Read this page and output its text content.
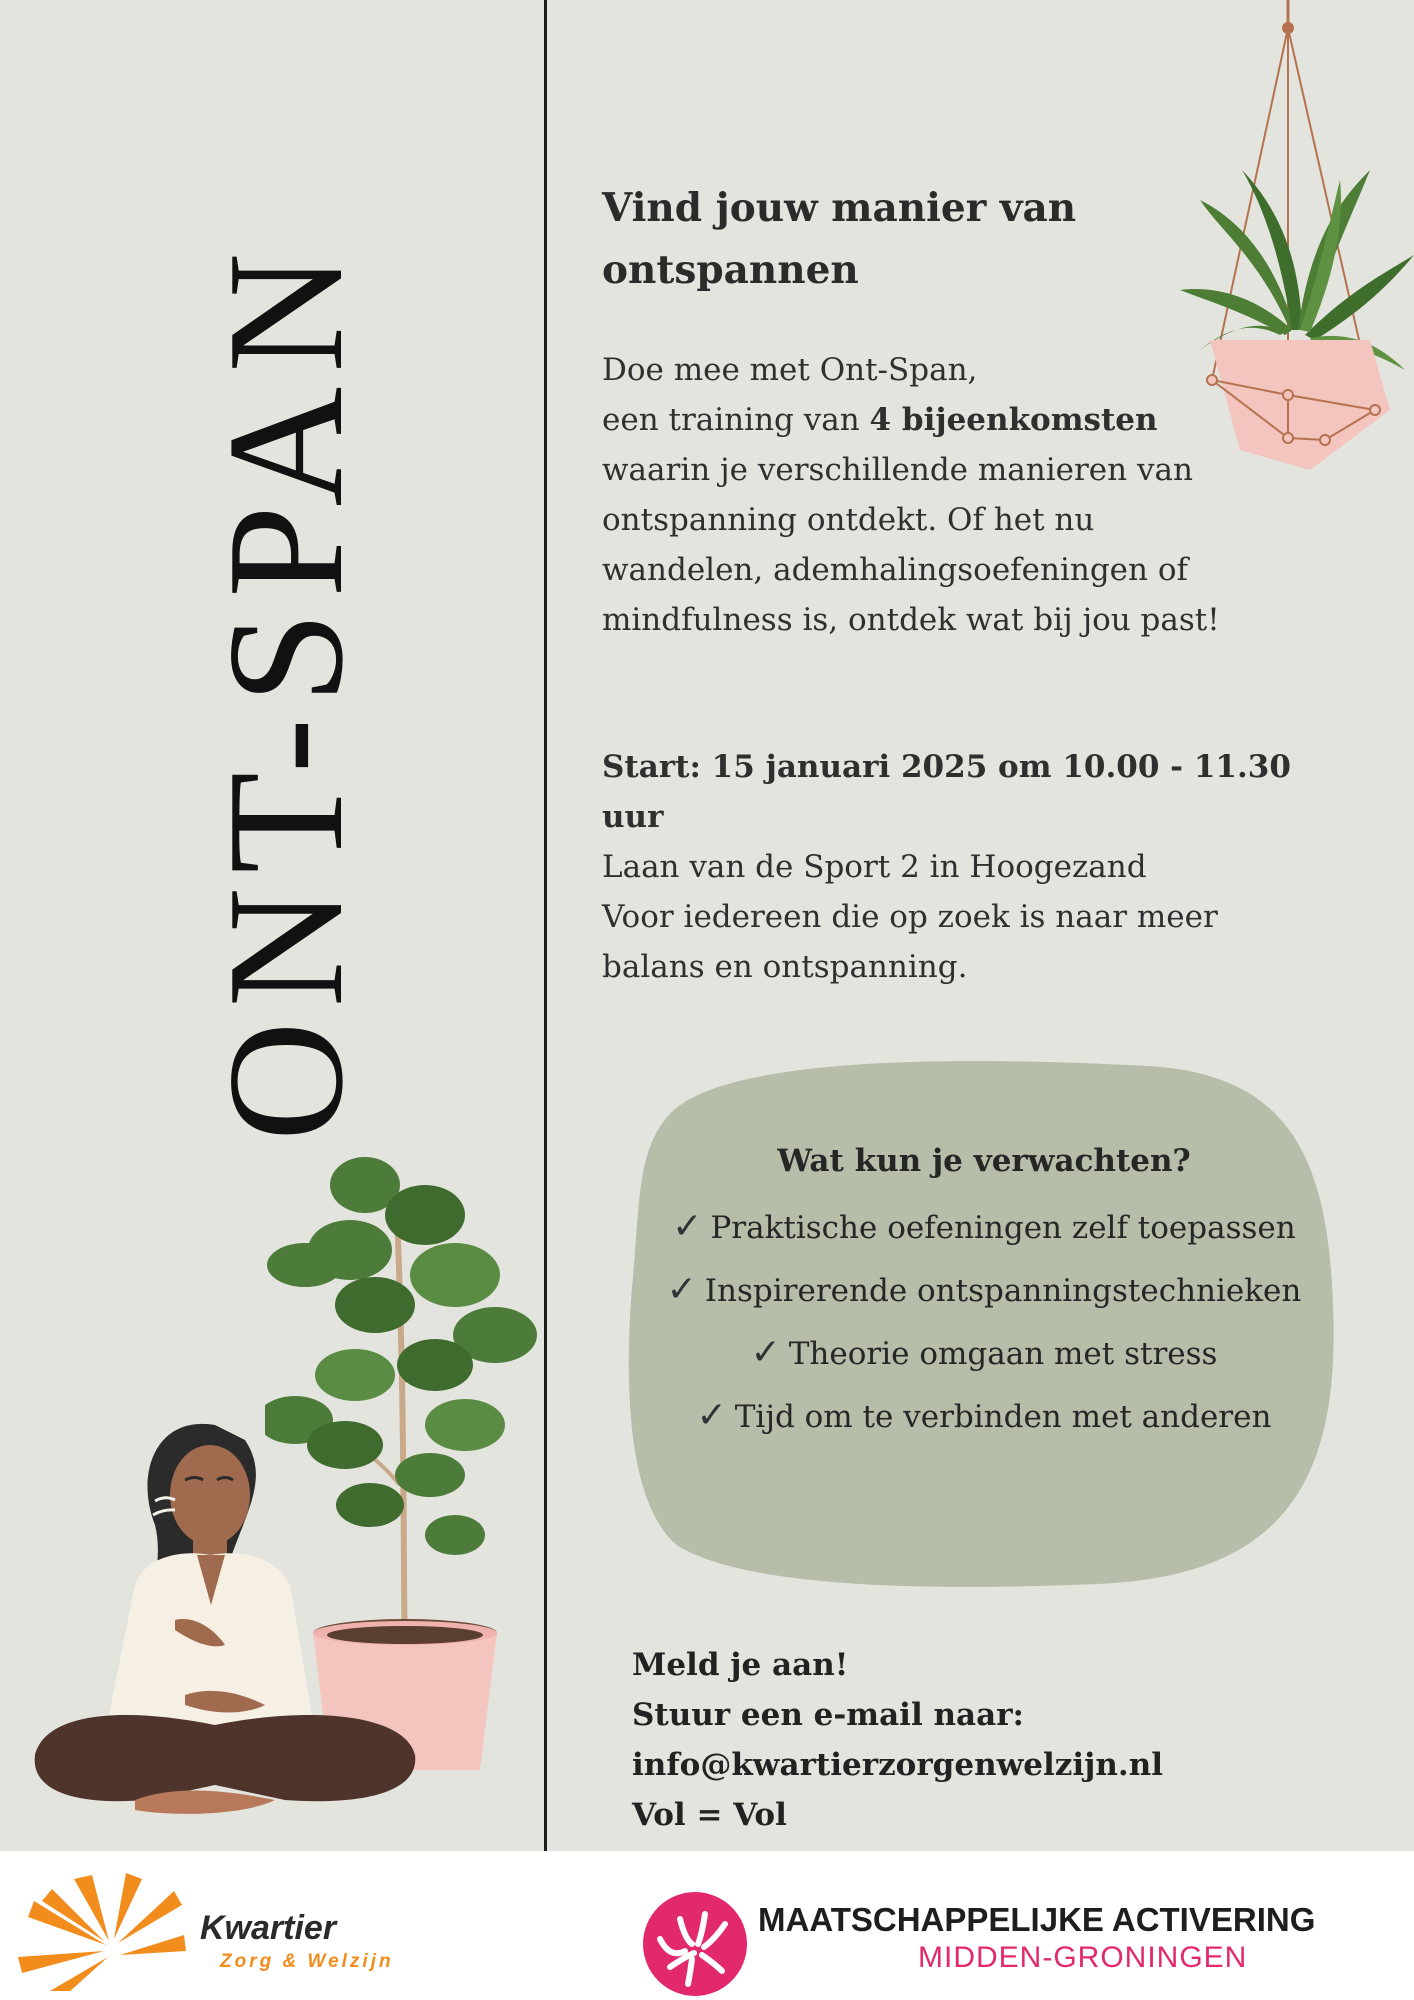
ONT-SPAN
Vind jouw manier van ontspannen

Doe mee met Ont-Span,
een training van 4 bijeenkomsten
waarin je verschillende manieren van
ontspanning ontdekt. Of het nu
wandelen, ademhalingsoefeningen of
mindfulness is, ontdek wat bij jou past!

Start: 15 januari 2025 om 10.00 - 11.30 uur
Laan van de Sport 2 in Hoogezand
Voor iedereen die op zoek is naar meer
balans en ontspanning.
Wat kun je verwachten?
✓ Praktische oefeningen zelf toepassen
✓ Inspirerende ontspanningstechnieken
✓ Theorie omgaan met stress
✓ Tijd om te verbinden met anderen
Meld je aan!
Stuur een e-mail naar:
info@kwartierzorgenwelzijn.nl
Vol = Vol
Kwartier
Zorg & Welzijn
MAATSCHAPPELIJKE ACTIVERING
MIDDEN-GRONINGEN
